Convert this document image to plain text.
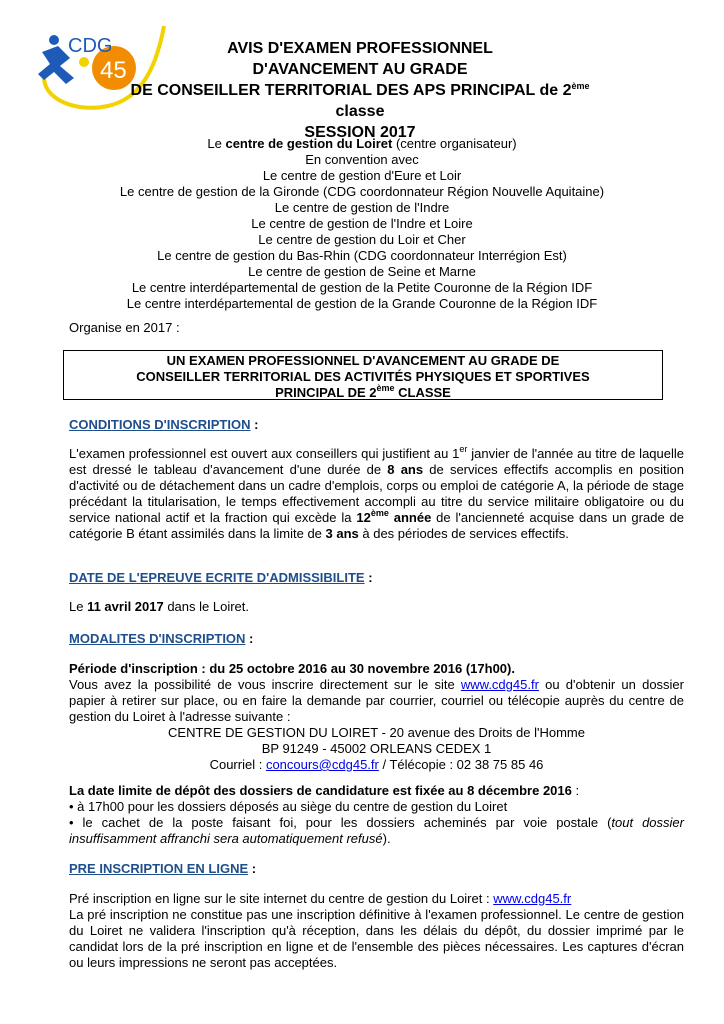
CDG
45
AVIS D'EXAMEN PROFESSIONNEL
D'AVANCEMENT AU GRADE
DE CONSEILLER TERRITORIAL DES APS PRINCIPAL de 2ème classe
SESSION 2017
Le centre de gestion du Loiret (centre organisateur)
En convention avec
Le centre de gestion d'Eure et Loir
Le centre de gestion de la Gironde (CDG coordonnateur Région Nouvelle Aquitaine)
Le centre de gestion de l'Indre
Le centre de gestion de l'Indre et Loire
Le centre de gestion du Loir et Cher
Le centre de gestion du Bas-Rhin (CDG coordonnateur Interrégion Est)
Le centre de gestion de Seine et Marne
Le centre interdépartemental de gestion de la Petite Couronne de la Région IDF
Le centre interdépartemental de gestion de la Grande Couronne de la Région IDF
Organise en 2017 :
UN EXAMEN PROFESSIONNEL D'AVANCEMENT AU GRADE DE
CONSEILLER TERRITORIAL DES ACTIVITÉS PHYSIQUES ET SPORTIVES
PRINCIPAL DE 2ème CLASSE
CONDITIONS D'INSCRIPTION :
L'examen professionnel est ouvert aux conseillers qui justifient au 1er janvier de l'année au titre de laquelle est dressé le tableau d'avancement d'une durée de 8 ans de services effectifs accomplis en position d'activité ou de détachement dans un cadre d'emplois, corps ou emploi de catégorie A, la période de stage précédant la titularisation, le temps effectivement accompli au titre du service militaire obligatoire ou du service national actif et la fraction qui excède la 12ème année de l'ancienneté acquise dans un grade de catégorie B étant assimilés dans la limite de 3 ans à des périodes de services effectifs.
DATE DE L'EPREUVE ECRITE D'ADMISSIBILITE :
Le 11 avril 2017 dans le Loiret.
MODALITES D'INSCRIPTION :
Période d'inscription : du 25 octobre 2016 au 30 novembre 2016 (17h00).
Vous avez la possibilité de vous inscrire directement sur le site www.cdg45.fr ou d'obtenir un dossier papier à retirer sur place, ou en faire la demande par courrier, courriel ou télécopie auprès du centre de gestion du Loiret à l'adresse suivante :
CENTRE DE GESTION DU LOIRET - 20 avenue des Droits de l'Homme
BP 91249 - 45002 ORLEANS CEDEX 1
Courriel : concours@cdg45.fr / Télécopie : 02 38 75 85 46
La date limite de dépôt des dossiers de candidature est fixée au 8 décembre 2016 :
• à 17h00 pour les dossiers déposés au siège du centre de gestion du Loiret
• le cachet de la poste faisant foi, pour les dossiers acheminés par voie postale (tout dossier insuffisamment affranchi sera automatiquement refusé).
PRE INSCRIPTION EN LIGNE :
Pré inscription en ligne sur le site internet du centre de gestion du Loiret : www.cdg45.fr
La pré inscription ne constitue pas une inscription définitive à l'examen professionnel. Le centre de gestion du Loiret ne validera l'inscription qu'à réception, dans les délais du dépôt, du dossier imprimé par le candidat lors de la pré inscription en ligne et de l'ensemble des pièces nécessaires. Les captures d'écran ou leurs impressions ne seront pas acceptées.
